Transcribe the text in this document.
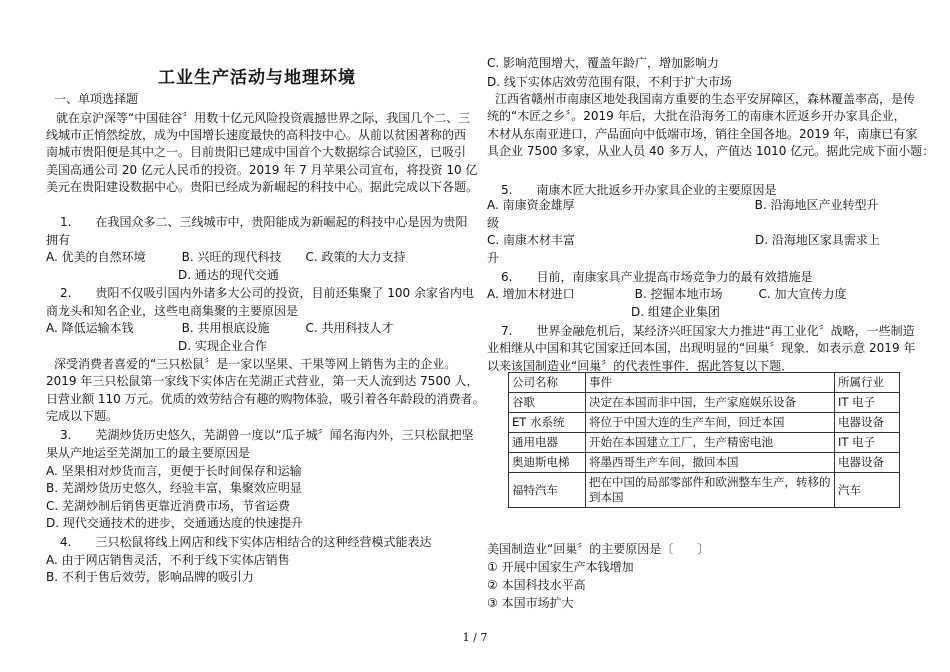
工业生产活动与地理环境
一、单项选择题
就在京沪深等“中国硅谷〞用数十亿元风险投资震撼世界之际，我国几个二、三
线城市正悄然绽放，成为中国增长速度最快的高科技中心。从前以贫困著称的西
南城市贵阳便是其中之一。目前贵阳已建成中国首个大数据综合试验区，已吸引
美国高通公司 20 亿元人民币的投资。2019 年 7 月苹果公司宣布，将投资 10 亿
美元在贵阳建设数据中心。贵阳已经成为新崛起的科技中心。据此完成以下各题。
1.　　在我国众多二、三线城市中，贵阳能成为新崛起的科技中心是因为贵阳
拥有
A. 优美的自然环境　　　B. 兴旺的现代科技　　C. 政策的大力支持
　　　　　　　　　　　D. 通达的现代交通
2.　　贵阳不仅吸引国内外诸多大公司的投资，目前还集聚了 100 余家省内电
商龙头和知名企业，这些电商集聚的主要原因是
A. 降低运输本钱　　　　B. 共用根底设施　　　C. 共用科技人才
　　　　　　　　　　　D. 实现企业合作
深受消费者喜爱的“三只松鼠〞是一家以坚果、干果等网上销售为主的企业。
2019 年三只松鼠第一家线下实体店在芜湖正式营业，第一天人流到达 7500 人，
日营业额 110 万元。优质的效劳结合有趣的购物体验，吸引着各年龄段的消费者。
完成以下题。
3.　　芜湖炒货历史悠久，芜湖曾一度以“瓜子城〞闻名海内外，三只松鼠把坚
果从产地运至芜湖加工的最主要原因是
A. 坚果相对炒货而言，更便于长时间保存和运输
B. 芜湖炒货历史悠久，经验丰富，集聚效应明显
C. 芜湖炒制后销售更靠近消费市场，节省运费
D. 现代交通技术的进步，交通通达度的快速提升
4.　　三只松鼠将线上网店和线下实体店相结合的这种经营模式能表达
A. 由于网店销售灵活，不利于线下实体店销售
B. 不利于售后效劳，影响品牌的吸引力
公司名称	事件	所属行业
谷歌	决定在本国而非中国，生产家庭娱乐设备	IT 电子
ET 水系统	将位于中国大连的生产车间，回迁本国	电器设备
通用电器	开始在本国建立工厂，生产精密电池	IT 电子
奥迪斯电梯	将墨西哥生产车间，撤回本国	电器设备
福特汽车	把在中国的局部零部件和欧洲整车生产，转移的到本国	汽车
C. 影响范围增大，覆盖年龄广，增加影响力
D. 线下实体店效劳范围有限，不利于扩大市场
江西省赣州市南康区地处我国南方重要的生态平安屏障区，森林覆盖率高，是传
统的“木匠之乡〞。2019 年后，大批在沿海务工的南康木匠返乡开办家具企业，
木材从东南亚进口，产品面向中低端市场，销往全国各地。2019 年，南康已有家
具企业 7500 多家，从业人员 40 多万人，产值达 1010 亿元。据此完成下面小题：
5.　　南康木匠大批返乡开办家具企业的主要原因是
A. 南康资金雄厚　　　　　　　　　　　　　　　B. 沿海地区产业转型升
级
C. 南康木材丰富　　　　　　　　　　　　　　　D. 沿海地区家具需求上
升
6.　　目前，南康家具产业提高市场竞争力的最有效措施是
A. 增加木材进口　　　　　B. 挖掘本地市场　　　C. 加大宣传力度
　　　　　　　　　　　　D. 组建企业集团
7.　　世界金融危机后，某经济兴旺国家大力推进“再工业化〞战略，一些制造
业相继从中国和其它国家迁回本国，出现明显的“回巢〞现象．如表示意 2019 年
以来该国制造业“回巢〞的代表性事件．据此答复以下题．
美国制造业“回巢〞的主要原因是〔　　〕
① 开展中国家生产本钱增加
② 本国科技水平高
③ 本国市场扩大
1 / 7
